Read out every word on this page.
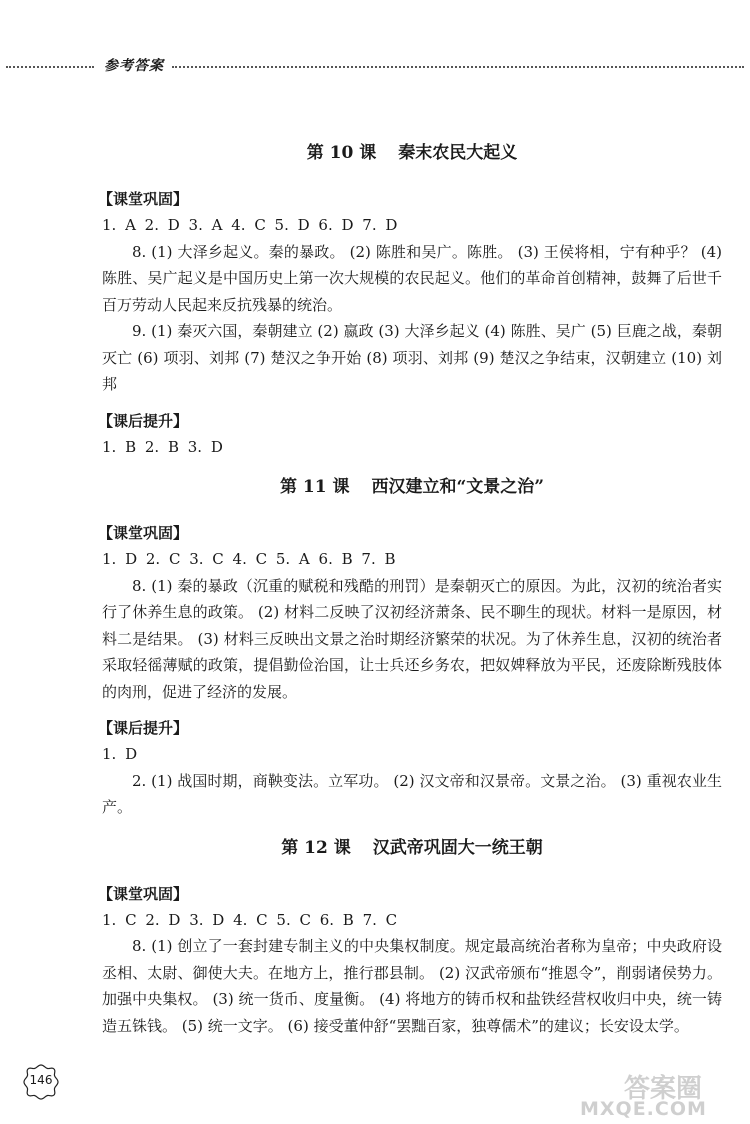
参考答案
第 10 课 秦末农民大起义
【课堂巩固】

1. A 2. D 3. A 4. C 5. D 6. D 7. D

8. (1) 大泽乡起义。秦的暴政。 (2) 陈胜和吴广。陈胜。 (3) 王侯将相，宁有种乎？ (4) 陈胜、吴广起义是中国历史上第一次大规模的农民起义。他们的革命首创精神，鼓舞了后世千百万劳动人民起来反抗残暴的统治。

9. (1) 秦灭六国，秦朝建立 (2) 嬴政 (3) 大泽乡起义 (4) 陈胜、吴广 (5) 巨鹿之战，秦朝灭亡 (6) 项羽、刘邦 (7) 楚汉之争开始 (8) 项羽、刘邦 (9) 楚汉之争结束，汉朝建立 (10) 刘邦

【课后提升】

1. B 2. B 3. D

第 11 课 西汉建立和“文景之治”
【课堂巩固】

1. D 2. C 3. C 4. C 5. A 6. B 7. B

8. (1) 秦的暴政（沉重的赋税和残酷的刑罚）是秦朝灭亡的原因。为此，汉初的统治者实行了休养生息的政策。 (2) 材料二反映了汉初经济萧条、民不聊生的现状。材料一是原因，材料二是结果。 (3) 材料三反映出文景之治时期经济繁荣的状况。为了休养生息，汉初的统治者采取轻徭薄赋的政策，提倡勤俭治国，让士兵还乡务农，把奴婢释放为平民，还废除断残肢体的肉刑，促进了经济的发展。

【课后提升】

1. D

2. (1) 战国时期，商鞅变法。立军功。 (2) 汉文帝和汉景帝。文景之治。 (3) 重视农业生产。

第 12 课 汉武帝巩固大一统王朝
【课堂巩固】

1. C 2. D 3. D 4. C 5. C 6. B 7. C

8. (1) 创立了一套封建专制主义的中央集权制度。规定最高统治者称为皇帝；中央政府设丞相、太尉、御使大夫。在地方上，推行郡县制。 (2) 汉武帝颁布“推恩令”，削弱诸侯势力。加强中央集权。 (3) 统一货币、度量衡。 (4) 将地方的铸币权和盐铁经营权收归中央，统一铸造五铢钱。 (5) 统一文字。 (6) 接受董仲舒“罢黜百家，独尊儒术”的建议；长安设太学。

146	答案圈
MXQE.COM
